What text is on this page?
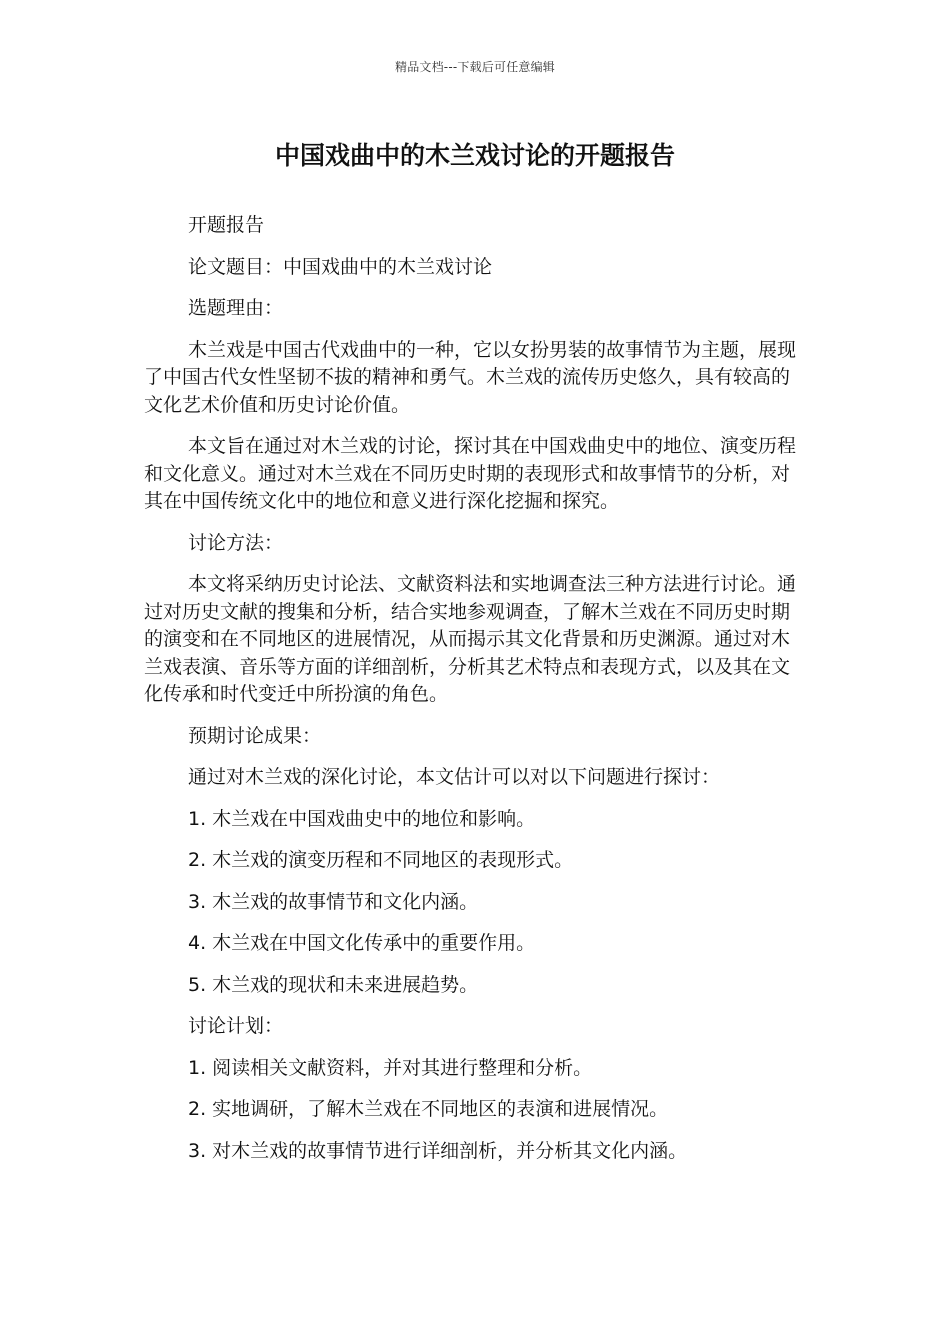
精品文档---下载后可任意编辑
中国戏曲中的木兰戏讨论的开题报告

开题报告

论文题目：中国戏曲中的木兰戏讨论

选题理由：

木兰戏是中国古代戏曲中的一种，它以女扮男装的故事情节为主题，展现了中国古代女性坚韧不拔的精神和勇气。木兰戏的流传历史悠久，具有较高的文化艺术价值和历史讨论价值。

本文旨在通过对木兰戏的讨论，探讨其在中国戏曲史中的地位、演变历程和文化意义。通过对木兰戏在不同历史时期的表现形式和故事情节的分析，对其在中国传统文化中的地位和意义进行深化挖掘和探究。

讨论方法：

本文将采纳历史讨论法、文献资料法和实地调查法三种方法进行讨论。通过对历史文献的搜集和分析，结合实地参观调查，了解木兰戏在不同历史时期的演变和在不同地区的进展情况，从而揭示其文化背景和历史渊源。通过对木兰戏表演、音乐等方面的详细剖析，分析其艺术特点和表现方式，以及其在文化传承和时代变迁中所扮演的角色。

预期讨论成果：

通过对木兰戏的深化讨论，本文估计可以对以下问题进行探讨：

1. 木兰戏在中国戏曲史中的地位和影响。

2. 木兰戏的演变历程和不同地区的表现形式。

3. 木兰戏的故事情节和文化内涵。

4. 木兰戏在中国文化传承中的重要作用。

5. 木兰戏的现状和未来进展趋势。

讨论计划：

1. 阅读相关文献资料，并对其进行整理和分析。

2. 实地调研，了解木兰戏在不同地区的表演和进展情况。

3. 对木兰戏的故事情节进行详细剖析，并分析其文化内涵。
